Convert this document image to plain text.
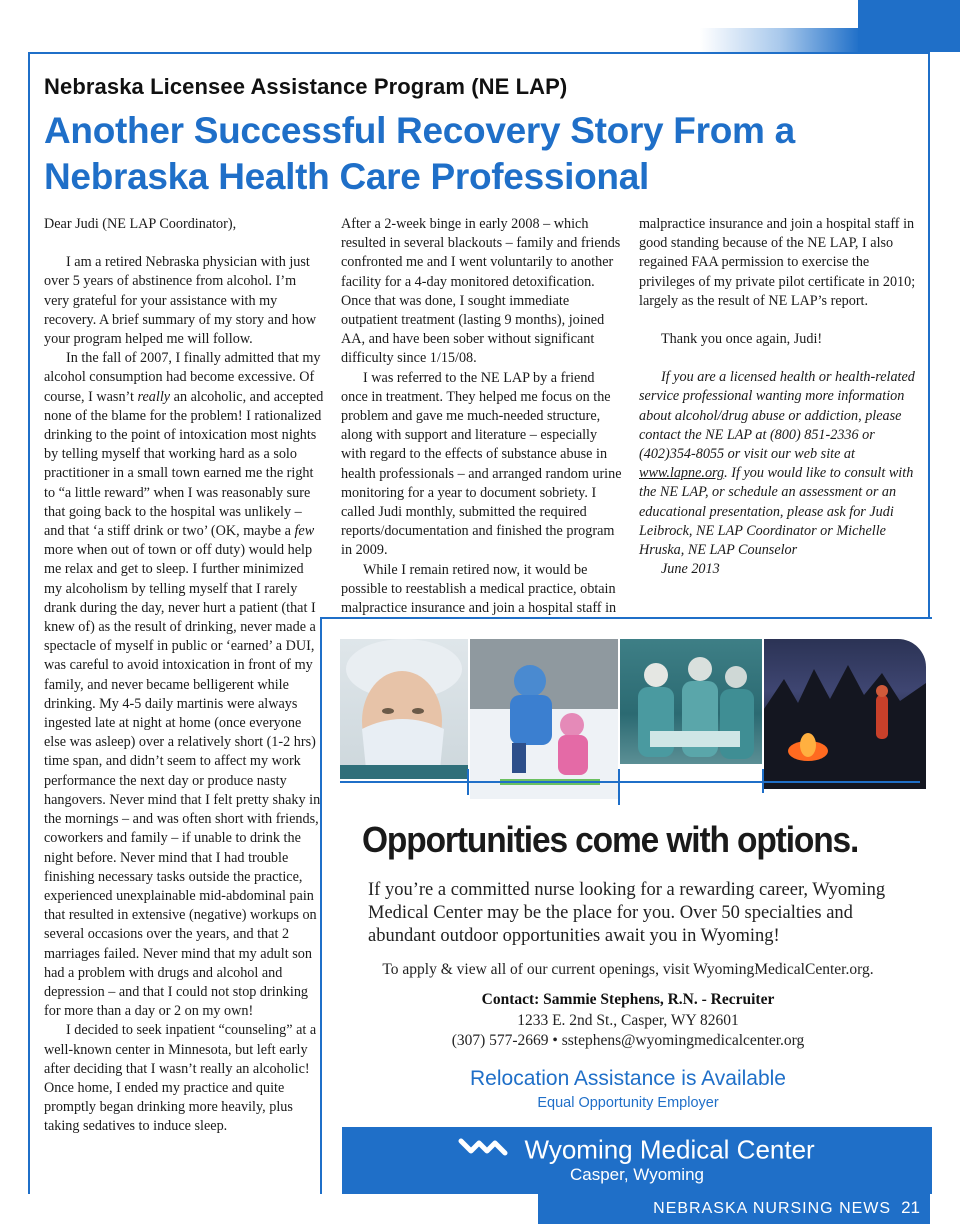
Nebraska Licensee Assistance Program (NE LAP)
Another Successful Recovery Story From a Nebraska Health Care Professional

Dear Judi (NE LAP Coordinator),

I am a retired Nebraska physician with just over 5 years of abstinence from alcohol. I’m very grateful for your assistance with my recovery. A brief summary of my story and how your program helped me will follow.

In the fall of 2007, I finally admitted that my alcohol consumption had become excessive. Of course, I wasn’t really an alcoholic, and accepted none of the blame for the problem! I rationalized drinking to the point of intoxication most nights by telling myself that working hard as a solo practitioner in a small town earned me the right to “a little reward” when I was reasonably sure that going back to the hospital was unlikely – and that ‘a stiff drink or two’ (OK, maybe a few more when out of town or off duty) would help me relax and get to sleep. I further minimized my alcoholism by telling myself that I rarely drank during the day, never hurt a patient (that I knew of) as the result of drinking, never made a spectacle of myself in public or ‘earned’ a DUI, was careful to avoid intoxication in front of my family, and never became belligerent while drinking. My 4-5 daily martinis were always ingested late at night at home (once everyone else was asleep) over a relatively short (1-2 hrs) time span, and didn’t seem to affect my work performance the next day or produce nasty hangovers. Never mind that I felt pretty shaky in the mornings – and was often short with friends, coworkers and family – if unable to drink the night before. Never mind that I had trouble finishing necessary tasks outside the practice, experienced unexplainable mid-abdominal pain that resulted in extensive (negative) workups on several occasions over the years, and that 2 marriages failed. Never mind that my adult son had a problem with drugs and alcohol and depression – and that I could not stop drinking for more than a day or 2 on my own!

I decided to seek inpatient “counseling” at a well-known center in Minnesota, but left early after deciding that I wasn’t really an alcoholic! Once home, I ended my practice and quite promptly began drinking more heavily, plus taking sedatives to induce sleep.

After a 2-week binge in early 2008 – which resulted in several blackouts – family and friends confronted me and I went voluntarily to another facility for a 4-day monitored detoxification. Once that was done, I sought immediate outpatient treatment (lasting 9 months), joined AA, and have been sober without significant difficulty since 1/15/08.

I was referred to the NE LAP by a friend once in treatment. They helped me focus on the problem and gave me much-needed structure, along with support and literature – especially with regard to the effects of substance abuse in health professionals – and arranged random urine monitoring for a year to document sobriety. I called Judi monthly, submitted the required reports/documentation and finished the program in 2009.

While I remain retired now, it would be possible to reestablish a medical practice, obtain malpractice insurance and join a hospital staff in

malpractice insurance and join a hospital staff in good standing because of the NE LAP, I also regained FAA permission to exercise the privileges of my private pilot certificate in 2010; largely as the result of NE LAP’s report.

Thank you once again, Judi!

If you are a licensed health or health-related service professional wanting more information about alcohol/drug abuse or addiction, please contact the NE LAP at (800) 851-2336 or (402)354-8055 or visit our web site at www.lapne.org. If you would like to consult with the NE LAP, or schedule an assessment or an educational presentation, please ask for Judi Leibrock, NE LAP Coordinator or Michelle Hruska, NE LAP Counselor

June 2013

Opportunities come with options.
If you’re a committed nurse looking for a rewarding career, Wyoming Medical Center may be the place for you. Over 50 specialties and abundant outdoor opportunities await you in Wyoming!
To apply & view all of our current openings, visit WyomingMedicalCenter.org.
Contact: Sammie Stephens, R.N. - Recruiter
1233 E. 2nd St., Casper, WY 82601
(307) 577-2669 • sstephens@wyomingmedicalcenter.org
Relocation Assistance is Available
Equal Opportunity Employer
Wyoming Medical Center
Casper, Wyoming
NEBRASKA NURSING NEWS 21
